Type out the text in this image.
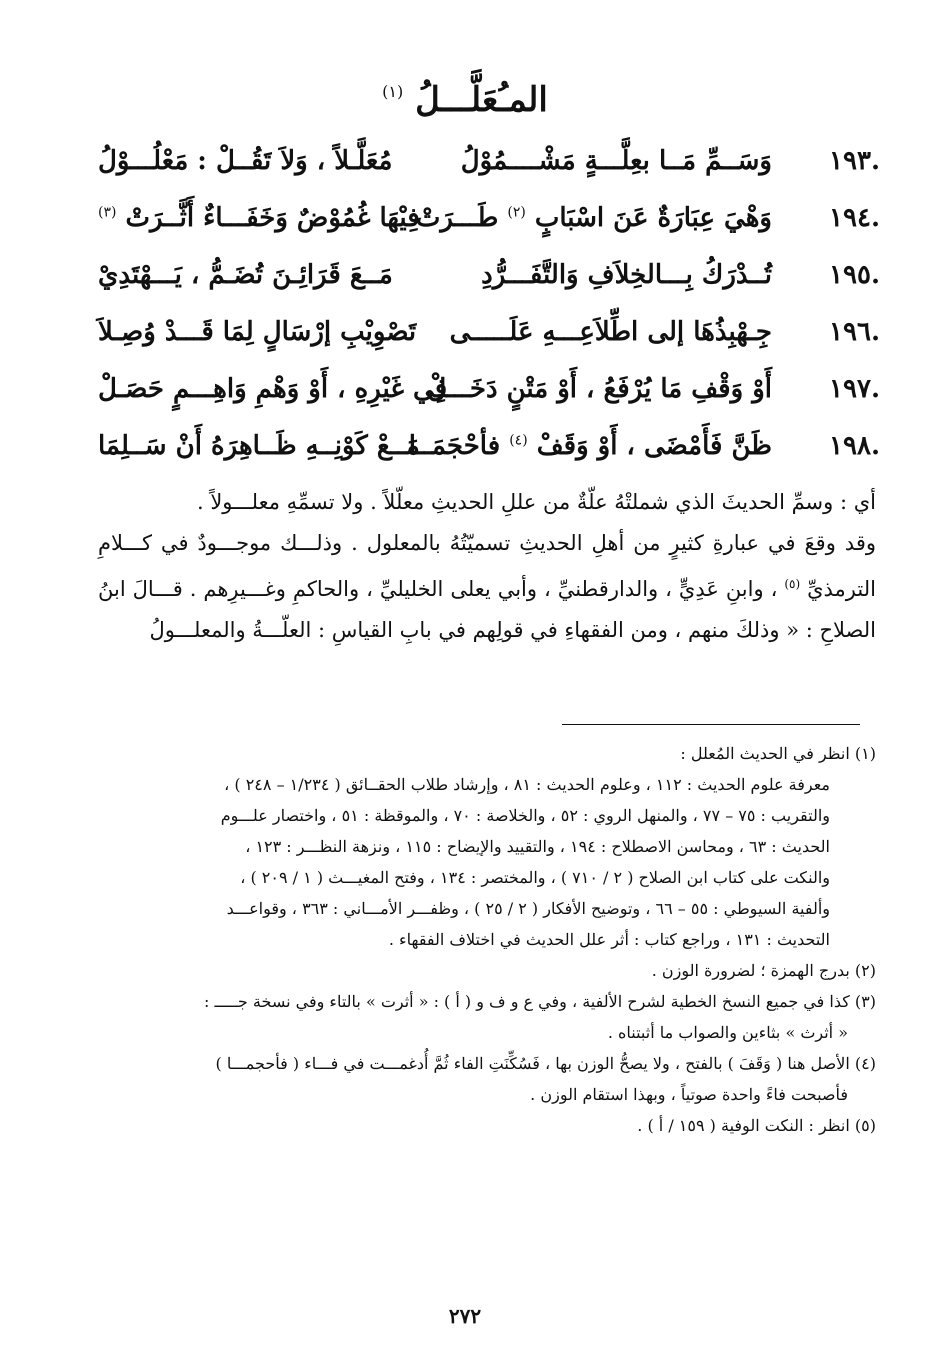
المـُعَلَّـــلُ $^{(١)}$
١٩٣.
وَسَــمِّ مَــا بعِلَّـــةٍ مَشْــــمُوْلُ
مُعَلَّـلاً ، وَلاَ تَقُــلْ : مَعْلُـــوْلُ
١٩٤.
وَهْيَ عِبَارَةٌ عَنَ اسْبَابٍ $^{(٢)}$ طَـــرَتْ
فِيْهَا غُمُوْضٌ وَخَفَـــاءٌ أَثَّــرَتْ $^{(٣)}$
١٩٥.
تُــدْرَكُ بِـــالخِلاَفِ وَالتَّفَـــرُّدِ
مَــعَ قَرَائِـنَ تُضَـمُّ ، يَـــهْتَدِيْ
١٩٦.
جِـهْبِذُهَا إلى اطِّلاَعِـــهِ عَلَـــــى
تَصْوِيْبِ إرْسَالٍ لِمَا قَـــدْ وُصِـلاَ
١٩٧.
أَوْ وَقْفِ مَا يُرْفَعُ ، أَوْ مَتْنٍ دَخَـــلْ
فِي غَيْرِهِ ، أَوْ وَهْمِ وَاهِـــمٍ حَصَـلْ
١٩٨.
ظَنَّ فَأَمْضَى ، أَوْ وَقَفْ $^{(٤)}$ فأحْجَمَــا
مَــعْ كَوْنِــهِ ظَــاهِرَهُ أَنْ سَــلِمَا

أي : وسمِّ الحديثَ الذي شملتْهُ علّةٌ من عللِ الحديثِ معلّلاً . ولا تسمِّهِ معلـــولاً .

وقد وقعَ في عبارةِ كثيرٍ من أهلِ الحديثِ تسميّتُهُ بالمعلول . وذلـــك موجـــودٌ في كـــلامِ الترمذيِّ $^{(٥)}$ ، وابنِ عَدِيٍّ ، والدارقطنيِّ ، وأبي يعلى الخليليِّ ، والحاكمِ وغـــيرِهم . قـــالَ ابنُ الصلاحِ : « وذلكَ منهم ، ومن الفقهاءِ في قولِهم في بابِ القياسِ : العلّـــةُ والمعلـــولُ

(١) انظر في الحديث المُعلل :

معرفة علوم الحديث : ١١٢ ، وعلوم الحديث : ٨١ ، وإرشاد طلاب الحقــائق ( ١/٢٣٤ – ٢٤٨ ) ،
والتقريب : ٧٥ – ٧٧ ، والمنهل الروي : ٥٢ ، والخلاصة : ٧٠ ، والموقظة : ٥١ ، واختصار علـــوم
الحديث : ٦٣ ، ومحاسن الاصطلاح : ١٩٤ ، والتقييد والإيضاح : ١١٥ ، ونزهة النظـــر : ١٢٣ ،
والنكت على كتاب ابن الصلاح ( ٢ / ٧١٠ ) ، والمختصر : ١٣٤ ، وفتح المغيـــث ( ١ / ٢٠٩ ) ،
وألفية السيوطي : ٥٥ – ٦٦ ، وتوضيح الأفكار ( ٢ / ٢٥ ) ، وظفـــر الأمـــاني : ٣٦٣ ، وقواعـــد
التحديث : ١٣١ ، وراجع كتاب : أثر علل الحديث في اختلاف الفقهاء .

(٢) بدرج الهمزة ؛ لضرورة الوزن .

(٣) كذا في جميع النسخ الخطية لشرح الألفية ، وفي ع و ف و ( أ ) : « أثرت » بالتاء وفي نسخة جـــــ :

« أثرث » بثاءين والصواب ما أثبتناه .

(٤) الأصل هنا ( وَقَفَ ) بالفتح ، ولا يصحُّ الوزن بها ، فَسُكِّنَتِ الفاء ثُمَّ أُدغمـــت في فـــاء ( فأحجمـــا )

فأصبحت فاءً واحدة صوتياً ، وبهذا استقام الوزن .

(٥) انظر : النكت الوفية ( ١٥٩ / أ ) .

٢٧٢
